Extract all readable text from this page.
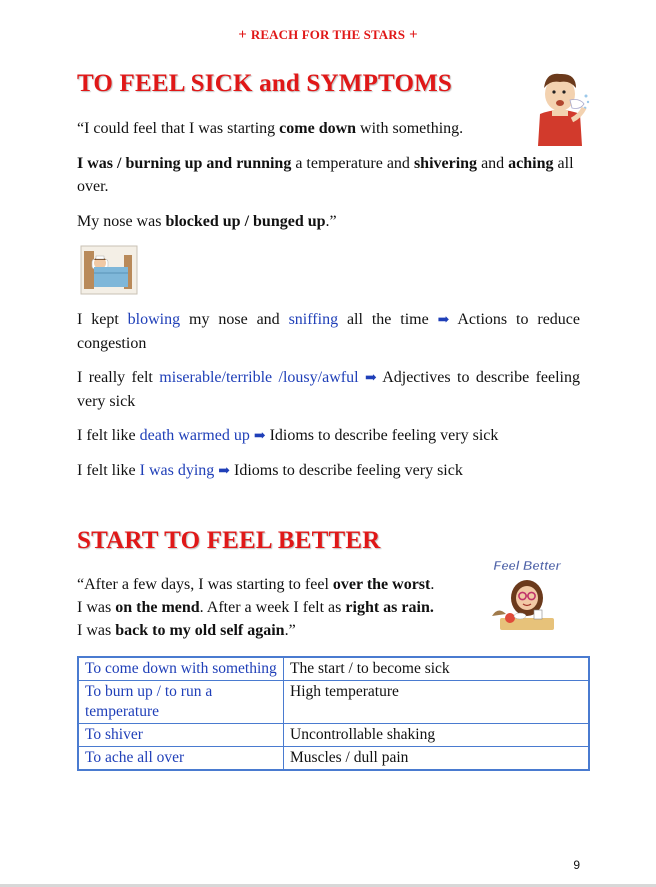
+ REACH FOR THE STARS +
TO FEEL SICK and SYMPTOMS

“I could feel that I was starting come down with something.

I was / burning up and running a temperature and shivering and aching all over.

My nose was blocked up / bunged up.”

I kept blowing my nose and sniffing all the time ➡ Actions to reduce congestion

I really felt miserable/terrible /lousy/awful ➡ Adjectives to describe feeling very sick

I felt like death warmed up ➡ Idioms to describe feeling very sick

I felt like I was dying ➡ Idioms to describe feeling very sick

START TO FEEL BETTER
Feel Better

“After a few days, I was starting to feel over the worst.

I was on the mend. After a week I felt as right as rain.

I was back to my old self again.”

To come down with something	The start / to become sick
To burn up / to run a temperature	High temperature
To shiver	Uncontrollable shaking
To ache all over	Muscles / dull pain
9
